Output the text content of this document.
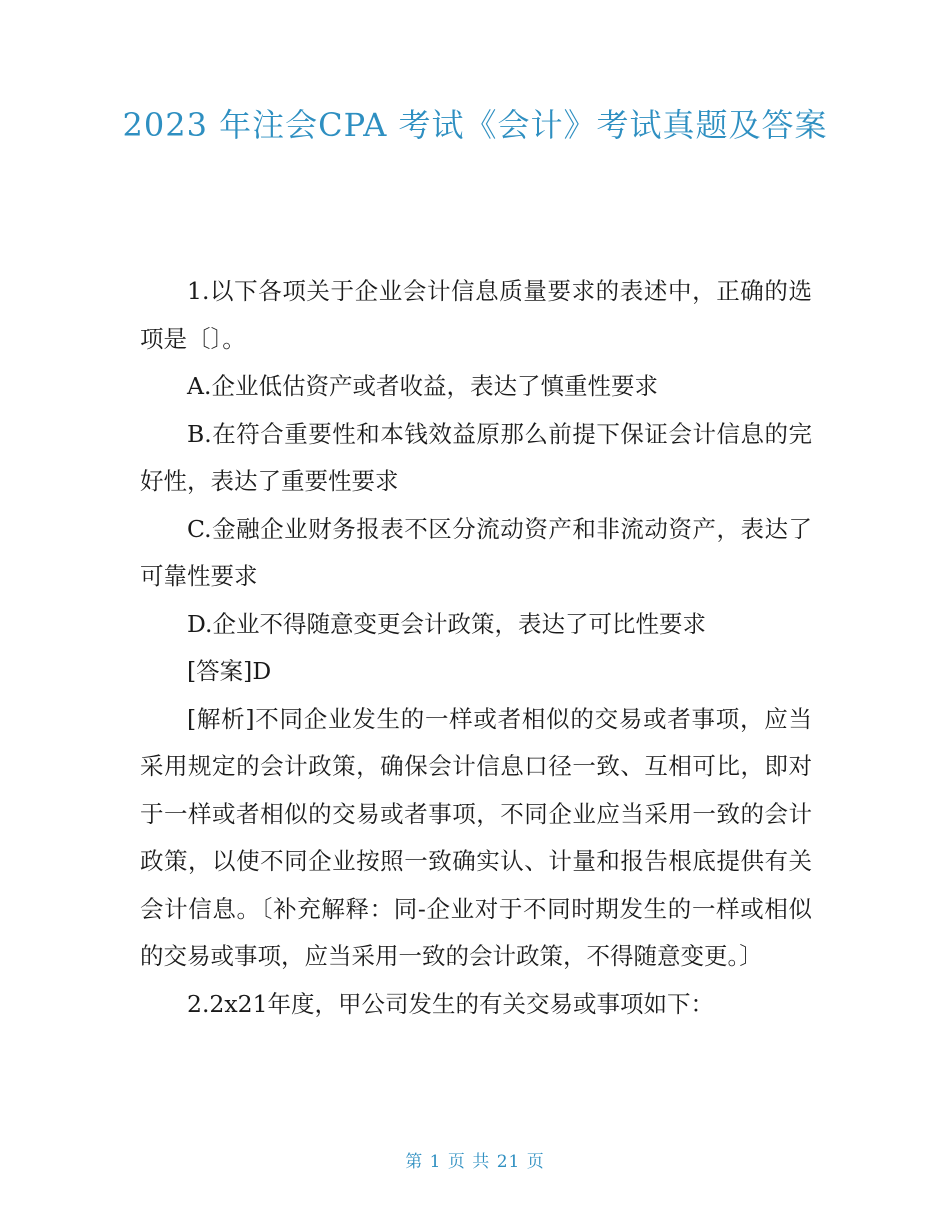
2023 年注会CPA 考试《会计》考试真题及答案

1.以下各项关于企业会计信息质量要求的表述中，正确的选项是〔〕。

A.企业低估资产或者收益，表达了慎重性要求

B.在符合重要性和本钱效益原那么前提下保证会计信息的完好性，表达了重要性要求

C.金融企业财务报表不区分流动资产和非流动资产，表达了可靠性要求

D.企业不得随意变更会计政策，表达了可比性要求

[答案]D

[解析]不同企业发生的一样或者相似的交易或者事项，应当采用规定的会计政策，确保会计信息口径一致、互相可比，即对于一样或者相似的交易或者事项，不同企业应当采用一致的会计政策，以使不同企业按照一致确实认、计量和报告根底提供有关会计信息。〔补充解释：同-企业对于不同时期发生的一样或相似的交易或事项，应当采用一致的会计政策，不得随意变更。〕

2.2x21年度，甲公司发生的有关交易或事项如下：

第 1 页 共 21 页
